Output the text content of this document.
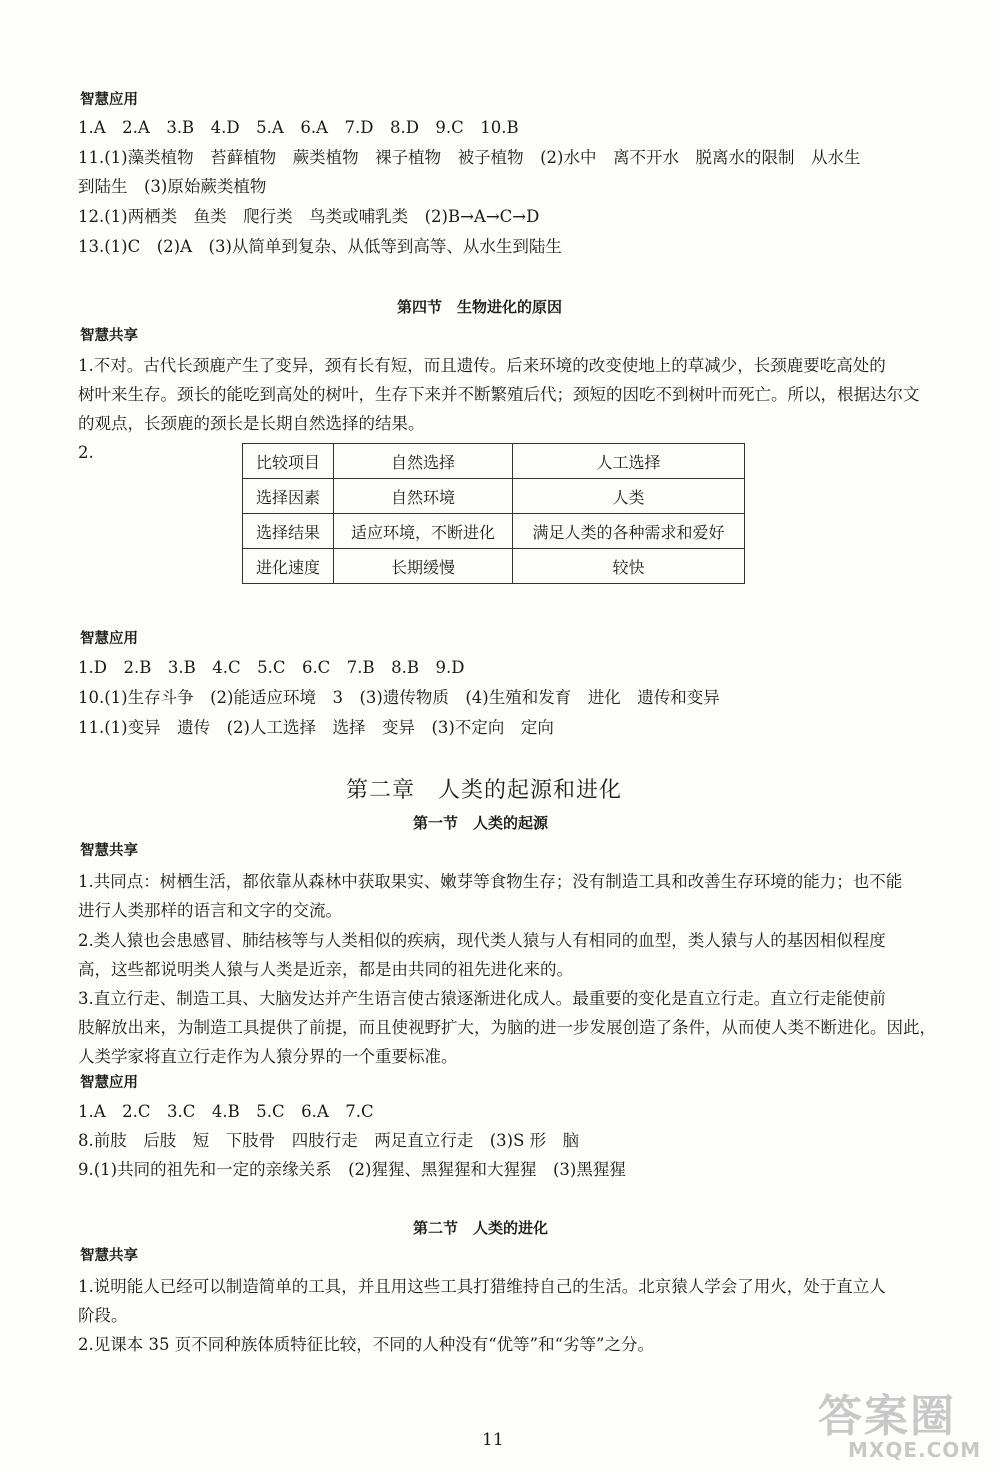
智慧应用
1.A　2.A　3.B　4.D　5.A　6.A　7.D　8.D　9.C　10.B
11.(1)藻类植物　苔藓植物　蕨类植物　裸子植物　被子植物　(2)水中　离不开水　脱离水的限制　从水生
到陆生　(3)原始蕨类植物
12.(1)两栖类　鱼类　爬行类　鸟类或哺乳类　(2)B→A→C→D
13.(1)C　(2)A　(3)从简单到复杂、从低等到高等、从水生到陆生
第四节　生物进化的原因
智慧共享
1.不对。古代长颈鹿产生了变异，颈有长有短，而且遗传。后来环境的改变使地上的草减少，长颈鹿要吃高处的
树叶来生存。颈长的能吃到高处的树叶，生存下来并不断繁殖后代；颈短的因吃不到树叶而死亡。所以，根据达尔文
的观点，长颈鹿的颈长是长期自然选择的结果。
2.	比较项目	自然选择	人工选择
选择因素	自然环境	人类
选择结果	适应环境，不断进化	满足人类的各种需求和爱好
进化速度	长期缓慢	较快
智慧应用
1.D　2.B　3.B　4.C　5.C　6.C　7.B　8.B　9.D
10.(1)生存斗争　(2)能适应环境　3　(3)遗传物质　(4)生殖和发育　进化　遗传和变异
11.(1)变异　遗传　(2)人工选择　选择　变异　(3)不定向　定向
第二章　人类的起源和进化
第一节　人类的起源
智慧共享
1.共同点：树栖生活，都依靠从森林中获取果实、嫩芽等食物生存；没有制造工具和改善生存环境的能力；也不能
进行人类那样的语言和文字的交流。
2.类人猿也会患感冒、肺结核等与人类相似的疾病，现代类人猿与人有相同的血型，类人猿与人的基因相似程度
高，这些都说明类人猿与人类是近亲，都是由共同的祖先进化来的。
3.直立行走、制造工具、大脑发达并产生语言使古猿逐渐进化成人。最重要的变化是直立行走。直立行走能使前
肢解放出来，为制造工具提供了前提，而且使视野扩大，为脑的进一步发展创造了条件，从而使人类不断进化。因此，
人类学家将直立行走作为人猿分界的一个重要标准。
智慧应用
1.A　2.C　3.C　4.B　5.C　6.A　7.C
8.前肢　后肢　短　下肢骨　四肢行走　两足直立行走　(3)S 形　脑
9.(1)共同的祖先和一定的亲缘关系　(2)猩猩、黑猩猩和大猩猩　(3)黑猩猩
第二节　人类的进化
智慧共享
1.说明能人已经可以制造简单的工具，并且用这些工具打猎维持自己的生活。北京猿人学会了用火，处于直立人
阶段。
2.见课本 35 页不同种族体质特征比较，不同的人种没有“优等”和“劣等”之分。
11	答案圈
MXQE.COM
